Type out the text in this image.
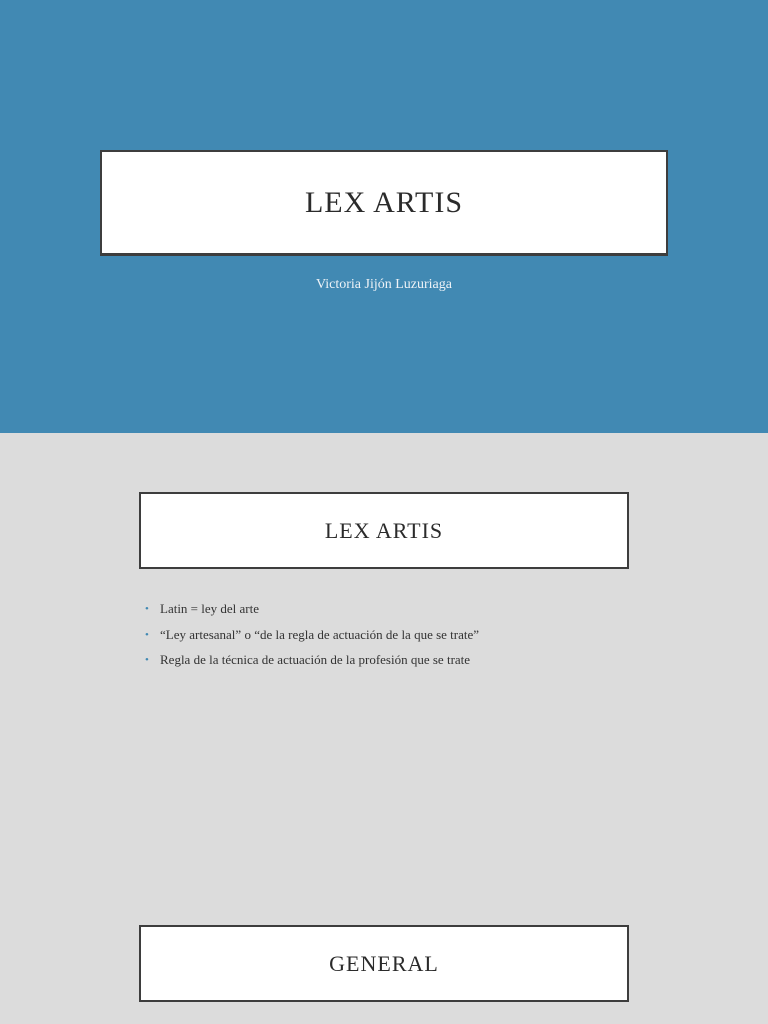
LEX ARTIS
Victoria Jijón Luzuriaga
LEX ARTIS
• Latin = ley del arte
• “Ley artesanal” o “de la regla de actuación de la que se trate”
• Regla de la técnica de actuación de la profesión que se trate
GENERAL
